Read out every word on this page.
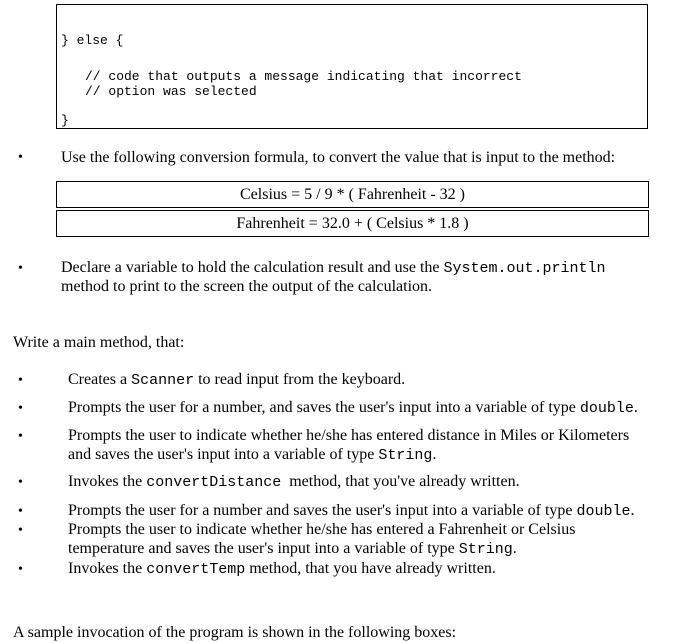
} else {
// code that outputs a message indicating that incorrect
// option was selected
}
• Use the following conversion formula, to convert the value that is input to the method:
Celsius = 5 / 9 * ( Fahrenheit - 32 )
Fahrenheit = 32.0 + ( Celsius * 1.8 )
• Declare a variable to hold the calculation result and use the System.out.println
method to print to the screen the output of the calculation.
Write a main method, that:
•	Creates a Scanner to read input from the keyboard.
•	Prompts the user for a number, and saves the user's input into a variable of type double.
•	Prompts the user to indicate whether he/she has entered distance in Miles or Kilometers
and saves the user's input into a variable of type String.
•	Invokes the convertDistance  method, that you've already written.
•	Prompts the user for a number and saves the user's input into a variable of type double.
•	Prompts the user to indicate whether he/she has entered a Fahrenheit or Celsius
temperature and saves the user's input into a variable of type String.
•	Invokes the convertTemp method, that you have already written.
A sample invocation of the program is shown in the following boxes:
